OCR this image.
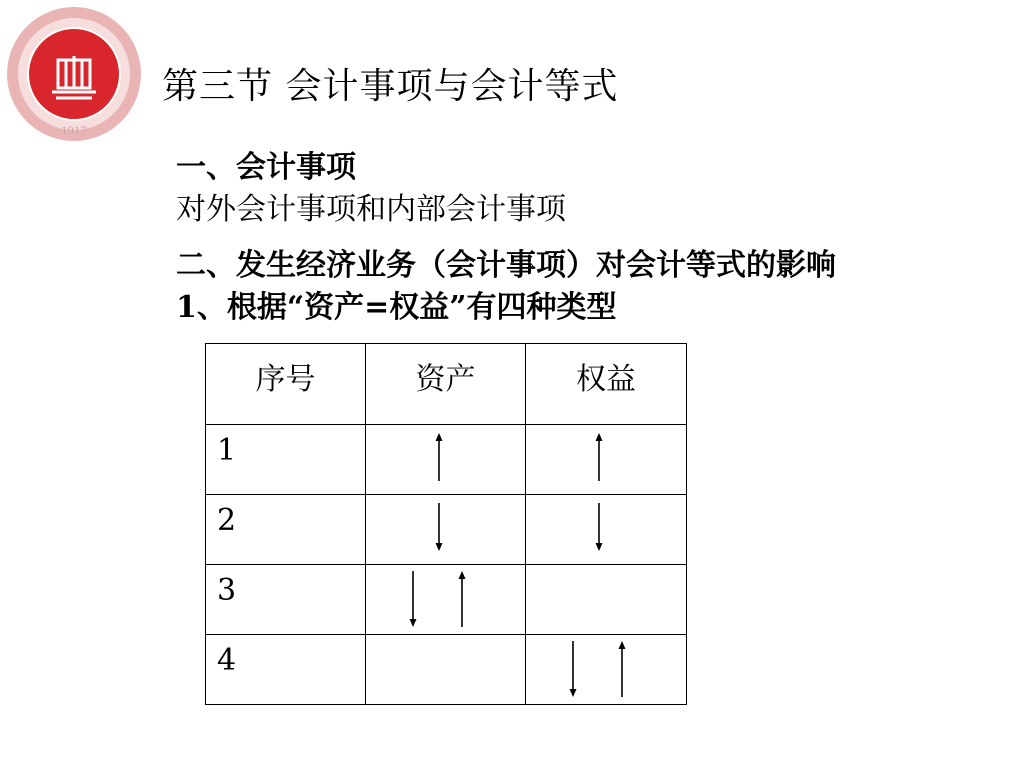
1917
第三节 会计事项与会计等式
一、会计事项
对外会计事项和内部会计事项
二、发生经济业务（会计事项）对会计等式的影响
1、根据“资产=权益”有四种类型
序号	资产	权益

1

2

3

4
